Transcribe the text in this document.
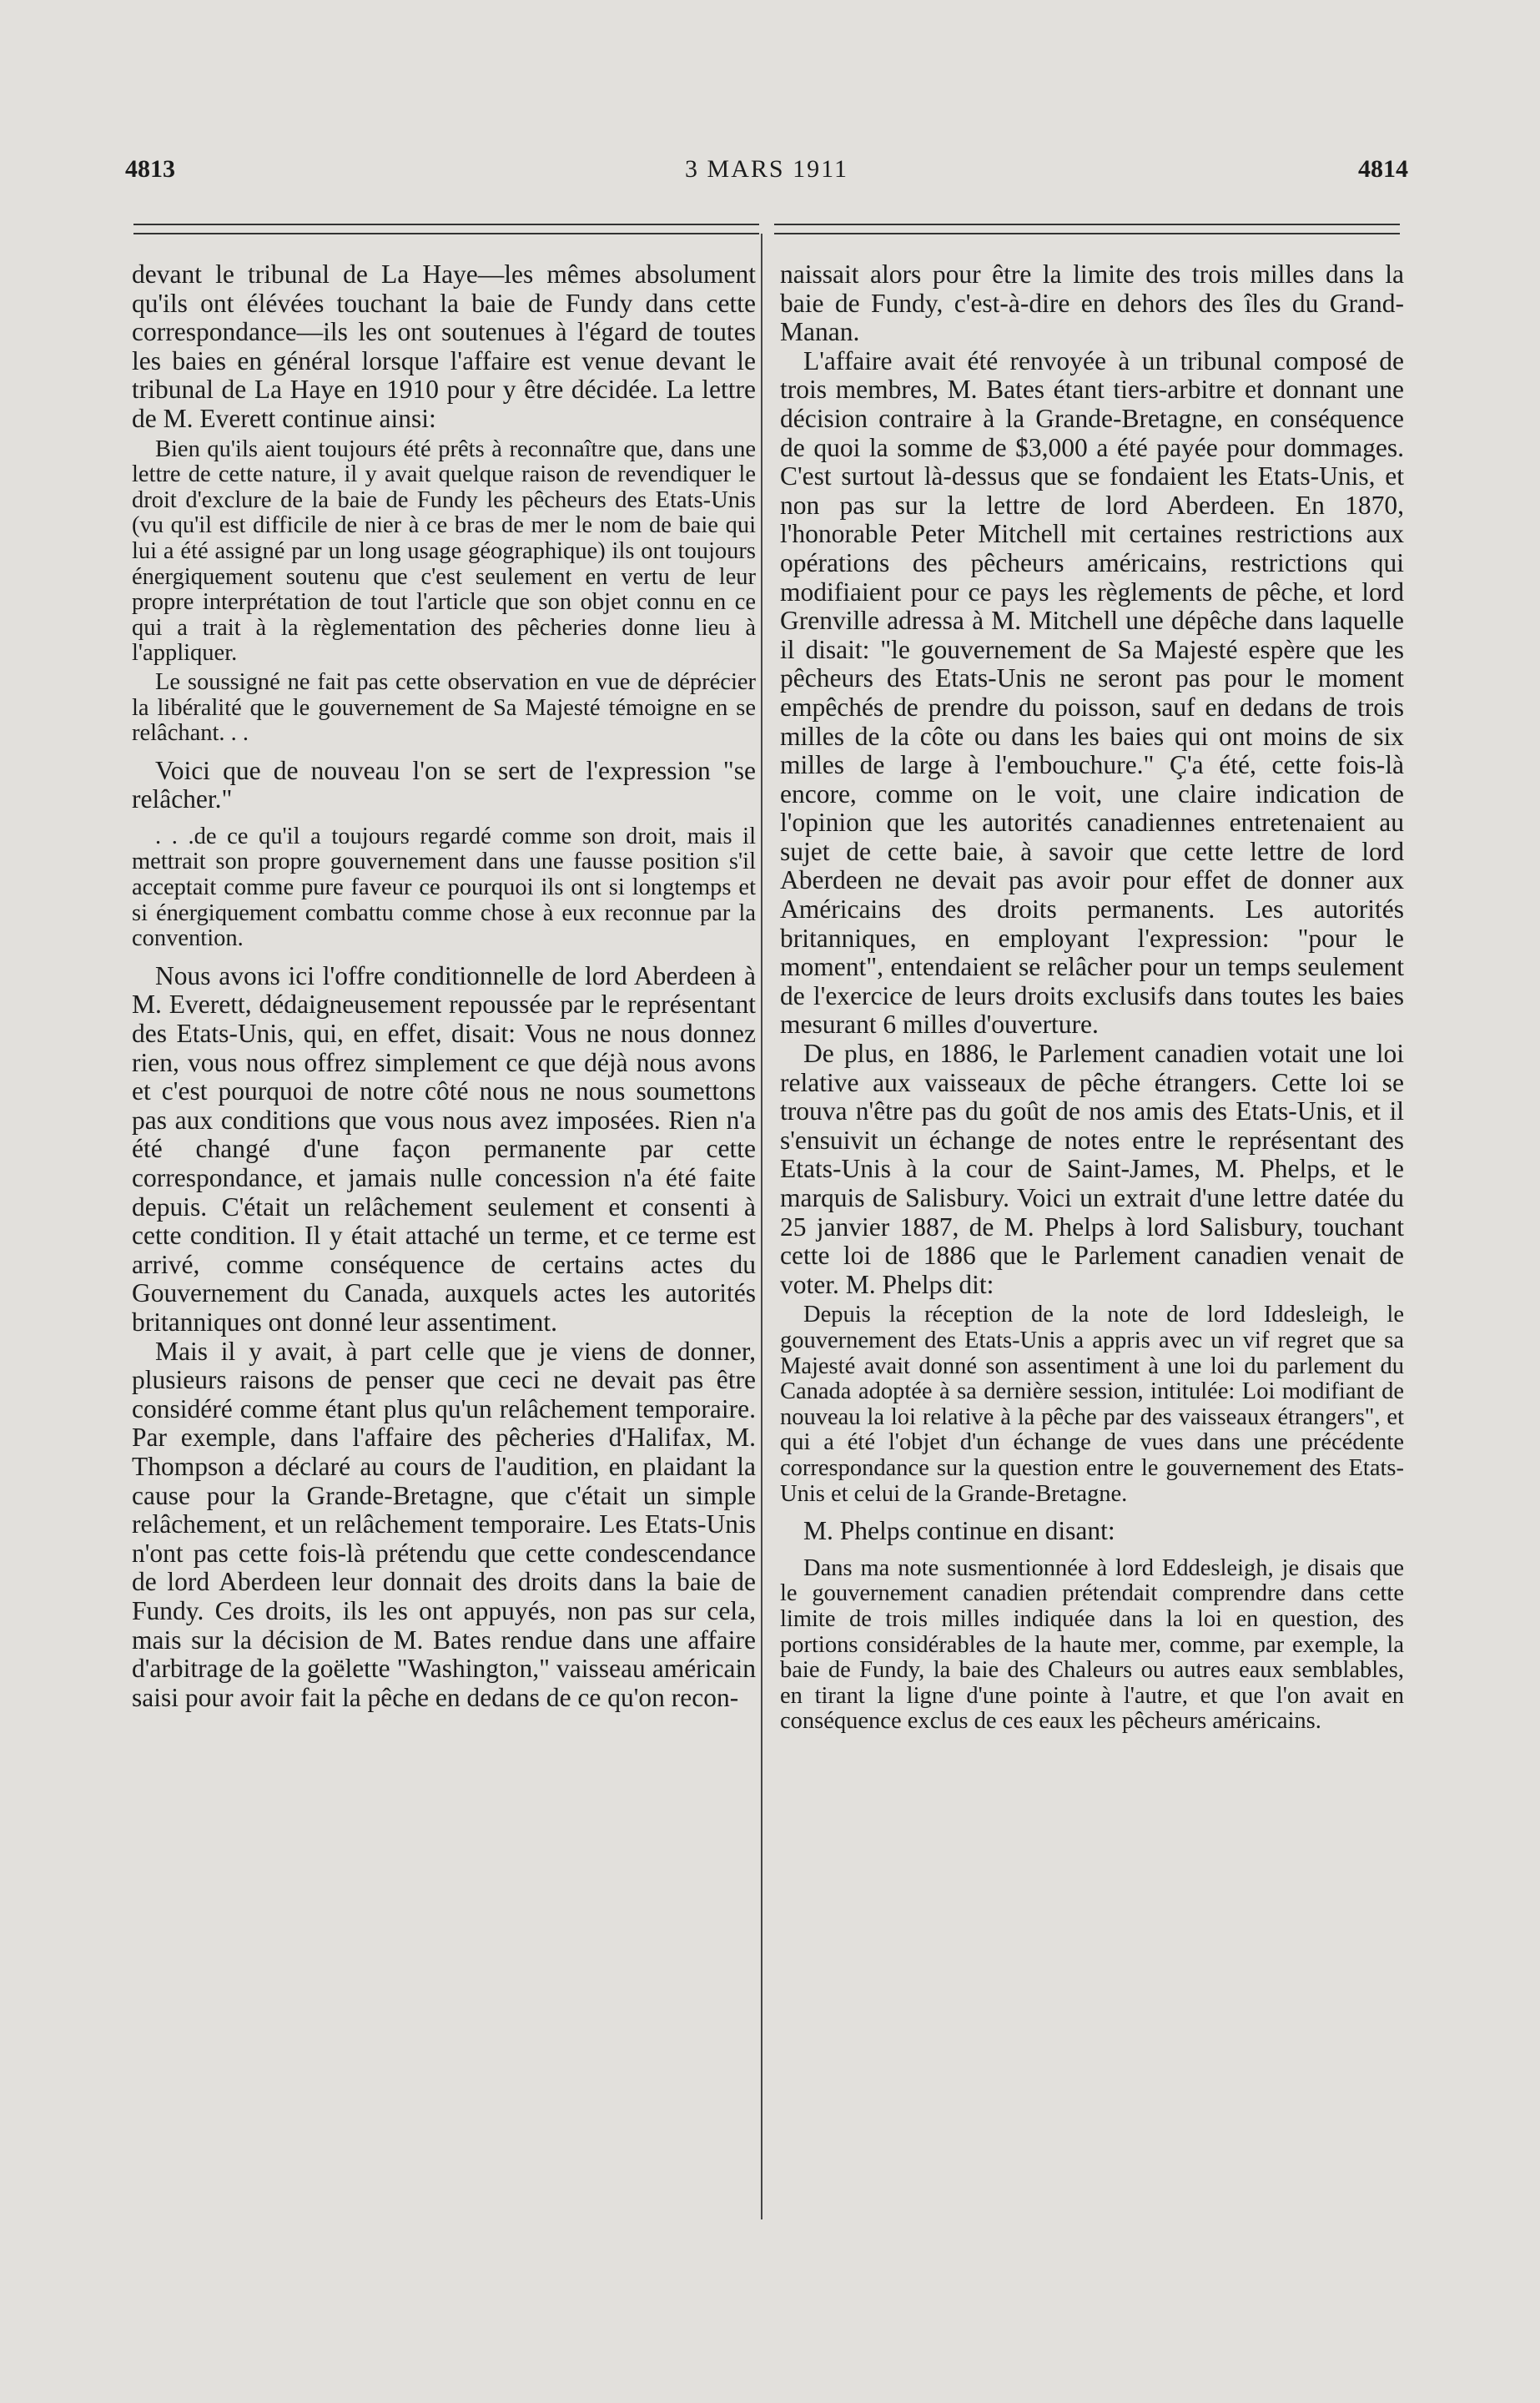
4813	3 MARS 1911	4814

devant le tribunal de La Haye—les mêmes absolument qu'ils ont élévées touchant la baie de Fundy dans cette correspondance—ils les ont soutenues à l'égard de toutes les baies en général lorsque l'affaire est venue devant le tribunal de La Haye en 1910 pour y être décidée. La lettre de M. Everett continue ainsi:

Bien qu'ils aient toujours été prêts à reconnaître que, dans une lettre de cette nature, il y avait quelque raison de revendiquer le droit d'exclure de la baie de Fundy les pêcheurs des Etats-Unis (vu qu'il est difficile de nier à ce bras de mer le nom de baie qui lui a été assigné par un long usage géographique) ils ont toujours énergiquement soutenu que c'est seulement en vertu de leur propre interprétation de tout l'article que son objet connu en ce qui a trait à la règlementation des pêcheries donne lieu à l'appliquer.

Le soussigné ne fait pas cette observation en vue de déprécier la libéralité que le gouvernement de Sa Majesté témoigne en se relâchant. . .

Voici que de nouveau l'on se sert de l'expression "se relâcher."

. . .de ce qu'il a toujours regardé comme son droit, mais il mettrait son propre gouvernement dans une fausse position s'il acceptait comme pure faveur ce pourquoi ils ont si longtemps et si énergiquement combattu comme chose à eux reconnue par la convention.

Nous avons ici l'offre conditionnelle de lord Aberdeen à M. Everett, dédaigneusement repoussée par le représentant des Etats-Unis, qui, en effet, disait: Vous ne nous donnez rien, vous nous offrez simplement ce que déjà nous avons et c'est pourquoi de notre côté nous ne nous soumettons pas aux conditions que vous nous avez imposées. Rien n'a été changé d'une façon permanente par cette correspondance, et jamais nulle concession n'a été faite depuis. C'était un relâchement seulement et consenti à cette condition. Il y était attaché un terme, et ce terme est arrivé, comme conséquence de certains actes du Gouvernement du Canada, auxquels actes les autorités britanniques ont donné leur assentiment.

Mais il y avait, à part celle que je viens de donner, plusieurs raisons de penser que ceci ne devait pas être considéré comme étant plus qu'un relâchement temporaire. Par exemple, dans l'affaire des pêcheries d'Halifax, M. Thompson a déclaré au cours de l'audition, en plaidant la cause pour la Grande-Bretagne, que c'était un simple relâchement, et un relâchement temporaire. Les Etats-Unis n'ont pas cette fois-là prétendu que cette condescendance de lord Aberdeen leur donnait des droits dans la baie de Fundy. Ces droits, ils les ont appuyés, non pas sur cela, mais sur la décision de M. Bates rendue dans une affaire d'arbitrage de la goëlette "Washington," vaisseau américain saisi pour avoir fait la pêche en dedans de ce qu'on recon-

naissait alors pour être la limite des trois milles dans la baie de Fundy, c'est-à-dire en dehors des îles du Grand-Manan.

L'affaire avait été renvoyée à un tribunal composé de trois membres, M. Bates étant tiers-arbitre et donnant une décision contraire à la Grande-Bretagne, en conséquence de quoi la somme de $3,000 a été payée pour dommages. C'est surtout là-dessus que se fondaient les Etats-Unis, et non pas sur la lettre de lord Aberdeen. En 1870, l'honorable Peter Mitchell mit certaines restrictions aux opérations des pêcheurs américains, restrictions qui modifiaient pour ce pays les règlements de pêche, et lord Grenville adressa à M. Mitchell une dépêche dans laquelle il disait: "le gouvernement de Sa Majesté espère que les pêcheurs des Etats-Unis ne seront pas pour le moment empêchés de prendre du poisson, sauf en dedans de trois milles de la côte ou dans les baies qui ont moins de six milles de large à l'embouchure." Ç'a été, cette fois-là encore, comme on le voit, une claire indication de l'opinion que les autorités canadiennes entretenaient au sujet de cette baie, à savoir que cette lettre de lord Aberdeen ne devait pas avoir pour effet de donner aux Américains des droits permanents. Les autorités britanniques, en employant l'expression: "pour le moment", entendaient se relâcher pour un temps seulement de l'exercice de leurs droits exclusifs dans toutes les baies mesurant 6 milles d'ouverture.

De plus, en 1886, le Parlement canadien votait une loi relative aux vaisseaux de pêche étrangers. Cette loi se trouva n'être pas du goût de nos amis des Etats-Unis, et il s'ensuivit un échange de notes entre le représentant des Etats-Unis à la cour de Saint-James, M. Phelps, et le marquis de Salisbury. Voici un extrait d'une lettre datée du 25 janvier 1887, de M. Phelps à lord Salisbury, touchant cette loi de 1886 que le Parlement canadien venait de voter. M. Phelps dit:

Depuis la réception de la note de lord Iddesleigh, le gouvernement des Etats-Unis a appris avec un vif regret que sa Majesté avait donné son assentiment à une loi du parlement du Canada adoptée à sa dernière session, intitulée: Loi modifiant de nouveau la loi relative à la pêche par des vaisseaux étrangers", et qui a été l'objet d'un échange de vues dans une précédente correspondance sur la question entre le gouvernement des Etats-Unis et celui de la Grande-Bretagne.

M. Phelps continue en disant:

Dans ma note susmentionnée à lord Eddesleigh, je disais que le gouvernement canadien prétendait comprendre dans cette limite de trois milles indiquée dans la loi en question, des portions considérables de la haute mer, comme, par exemple, la baie de Fundy, la baie des Chaleurs ou autres eaux semblables, en tirant la ligne d'une pointe à l'autre, et que l'on avait en conséquence exclus de ces eaux les pêcheurs américains.
